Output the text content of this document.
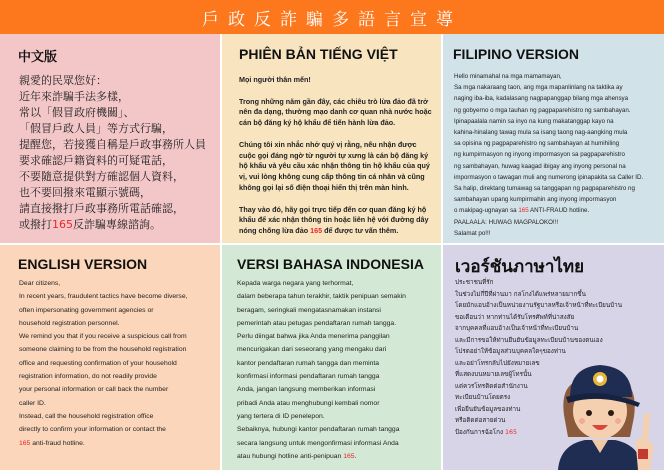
戶政反詐騙多語言宣導
中文版
親愛的民眾您好：
近年來詐騙手法多樣，
常以「假冒政府機關」、
「假冒戶政人員」等方式行騙，
提醒您，若接獲自稱是戶政事務所人員
要求確認戶籍資料的可疑電話，
不要隨意提供對方確認個人資料，
也不要回撥來電顯示號碼，
請直接撥打戶政事務所電話確認，
或撥打165反詐騙專線諮詢。
PHIÊN BẢN TIẾNG VIỆT

Mọi người thân mến!

Trong những năm gần đây, các chiêu trò lừa đảo đã trở nên đa dạng, thường mạo danh cơ quan nhà nước hoặc cán bộ đăng ký hộ khẩu để tiến hành lừa đảo.

Chúng tôi xin nhắc nhở quý vị rằng, nếu nhận được cuộc gọi đáng ngờ từ người tự xưng là cán bộ đăng ký hộ khẩu và yêu cầu xác nhận thông tin hộ khẩu của quý vị, vui lòng không cung cấp thông tin cá nhân và cũng không gọi lại số điện thoại hiển thị trên màn hình.

Thay vào đó, hãy gọi trực tiếp đến cơ quan đăng ký hộ khẩu để xác nhận thông tin hoặc liên hệ với đường dây nóng chống lừa đảo 165 để được tư vấn thêm.

FILIPINO VERSION
Hello minamahal na mga mamamayan,
Sa mga nakaraang taon, ang mga mapanlinlang na taktika ay
naging iba-iba, kadalasang nagpapanggap bilang mga ahensya
ng gobyerno o mga tauhan ng pagpaparehistro ng sambahayan.
Ipinapaalala namin sa inyo na kung makatanggap kayo na
kahina-hinalang tawag mula sa isang taong nag-aangking mula
sa opisina ng pagpaparehistro ng sambahayan at humihiling
ng kumpirmasyon ng inyong impormasyon sa pagpaparehistro
ng sambahayan, huwag kaagad ibigay ang inyong personal na
impormasyon o tawagan muli ang numerong ipinapakita sa Caller ID.
Sa halip, direktang tumawag sa tanggapan ng pagpaparehistro ng
sambahayan upang kumpirmahin ang inyong impormasyon
o makipag-ugnayan sa 165 ANTI-FRAUD hotline.
PAALAALA: HUWAG MAGPALOKO!!!
Salamat po!!!
ENGLISH VERSION
Dear citizens,
In recent years, fraudulent tactics have become diverse,
often impersonating government agencies or
household registration personnel.
We remind you that if you receive a suspicious call from
someone claiming to be from the household registration
office and requesting confirmation of your household
registration information, do not readily provide
your personal information or call back the number
caller ID.
Instead, call the household registration office
directly to confirm your information or contact the
165 anti-fraud hotline.
VERSI BAHASA INDONESIA
Kepada warga negara yang terhormat,
dalam beberapa tahun terakhir, taktik penipuan semakin
beragam, seringkali mengatasnamakan instansi
pemerintah atau petugas pendaftaran rumah tangga.
Perlu diingat bahwa jika Anda menerima panggilan
mencurigakan dari seseorang yang mengaku dari
kantor pendaftaran rumah tangga dan meminta
konfirmasi informasi pendaftaran rumah tangga
Anda, jangan langsung memberikan informasi
pribadi Anda atau menghubungi kembali nomor
yang tertera di ID penelepon.
Sebaiknya, hubungi kantor pendaftaran rumah tangga
secara langsung untuk mengonfirmasi informasi Anda
atau hubungi hotline anti-penipuan 165.
เวอร์ชันภาษาไทย
ประชาชนที่รัก
ในช่วงไม่กี่ปีที่ผ่านมา กลโกงได้แพร่หลายมากขึ้น
โดยมักแอบอ้างเป็นหน่วยงานรัฐบาลหรือเจ้าหน้าที่ทะเบียนบ้าน
ขอเตือนว่า หากท่านได้รับโทรศัพท์ที่น่าสงสัย
จากบุคคลที่แอบอ้างเป็นเจ้าหน้าที่ทะเบียนบ้าน
และมีการขอให้ท่านยืนยันข้อมูลทะเบียนบ้านของตนเอง
โปรดอย่าให้ข้อมูลส่วนบุคคลใดๆของท่าน
และอย่าโทรกลับไปยังหมายเลข
ที่แสดงบนหมายเลขผู้โทรนั้น
แต่ควรโทรติดต่อสำนักงาน
ทะเบียนบ้านโดยตรง
เพื่อยืนยันข้อมูลของท่าน
หรือติดต่อสายด่วน
ป้องกันการฉ้อโกง 165
